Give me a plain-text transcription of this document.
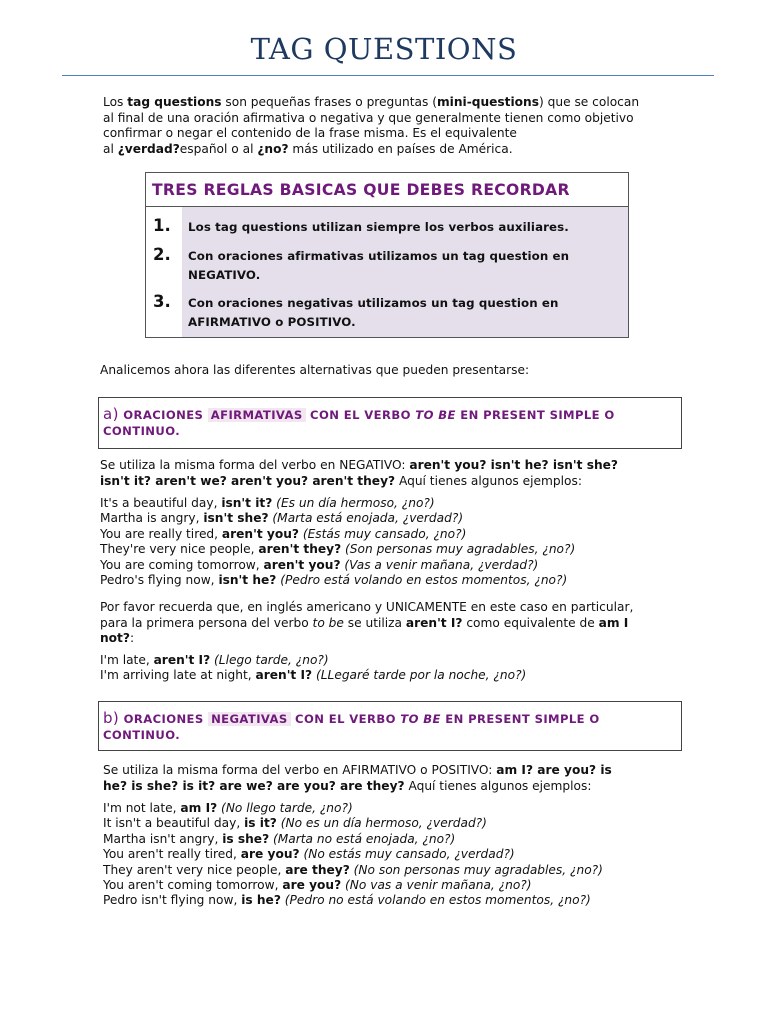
TAG QUESTIONS
Los tag questions son pequeñas frases o preguntas (mini-questions) que se colocan
al final de una oración afirmativa o negativa y que generalmente tienen como objetivo
confirmar o negar el contenido de la frase misma. Es el equivalente
al ¿verdad?español o al ¿no? más utilizado en países de América.
TRES REGLAS BASICAS QUE DEBES RECORDAR
1. Los tag questions utilizan siempre los verbos auxiliares.
2. Con oraciones afirmativas utilizamos un tag question en
NEGATIVO.
3. Con oraciones negativas utilizamos un tag question en
AFIRMATIVO o POSITIVO.
Analicemos ahora las diferentes alternativas que pueden presentarse:
a) ORACIONES AFIRMATIVAS CON EL VERBO TO BE EN PRESENT SIMPLE O
CONTINUO.
Se utiliza la misma forma del verbo en NEGATIVO: aren't you? isn't he? isn't she?
isn't it? aren't we? aren't you? aren't they? Aquí tienes algunos ejemplos:
It's a beautiful day, isn't it? (Es un día hermoso, ¿no?)
Martha is angry, isn't she? (Marta está enojada, ¿verdad?)
You are really tired, aren't you? (Estás muy cansado, ¿no?)
They're very nice people, aren't they? (Son personas muy agradables, ¿no?)
You are coming tomorrow, aren't you? (Vas a venir mañana, ¿verdad?)
Pedro's flying now, isn't he? (Pedro está volando en estos momentos, ¿no?)
Por favor recuerda que, en inglés americano y UNICAMENTE en este caso en particular,
para la primera persona del verbo to be se utiliza aren't I? como equivalente de am I
not?:
I'm late, aren't I? (Llego tarde, ¿no?)
I'm arriving late at night, aren't I? (LLegaré tarde por la noche, ¿no?)
b) ORACIONES NEGATIVAS CON EL VERBO TO BE EN PRESENT SIMPLE O
CONTINUO.
Se utiliza la misma forma del verbo en AFIRMATIVO o POSITIVO: am I? are you? is
he? is she? is it? are we? are you? are they? Aquí tienes algunos ejemplos:
I'm not late, am I? (No llego tarde, ¿no?)
It isn't a beautiful day, is it? (No es un día hermoso, ¿verdad?)
Martha isn't angry, is she? (Marta no está enojada, ¿no?)
You aren't really tired, are you? (No estás muy cansado, ¿verdad?)
They aren't very nice people, are they? (No son personas muy agradables, ¿no?)
You aren't coming tomorrow, are you? (No vas a venir mañana, ¿no?)
Pedro isn't flying now, is he? (Pedro no está volando en estos momentos, ¿no?)
